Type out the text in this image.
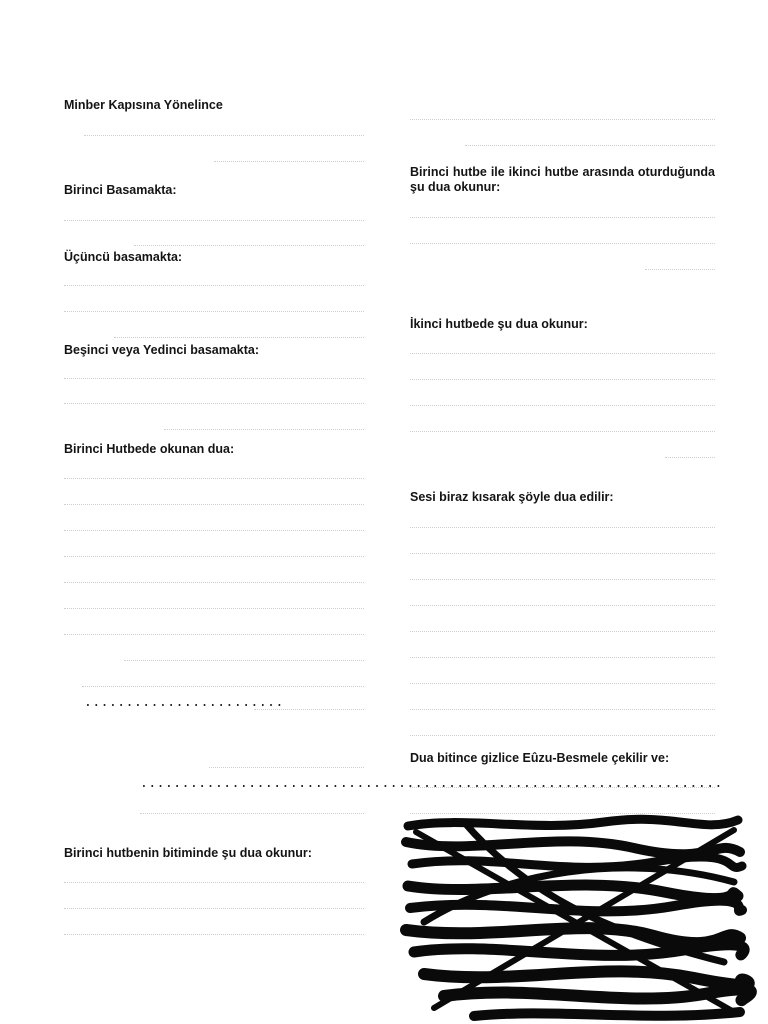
Minber Kapısına Yönelince
Birinci Basamakta:
Üçüncü basamakta:
Beşinci veya Yedinci basamakta:
Birinci Hutbede okunan dua:
........................
......................................................................
Birinci hutbenin bitiminde şu dua okunur:
Birinci hutbe ile ikinci hutbe arasında oturduğunda şu dua okunur:
İkinci hutbede şu dua okunur:
Sesi biraz kısarak şöyle dua edilir:
Dua bitince gizlice Eûzu-Besmele çekilir ve:
